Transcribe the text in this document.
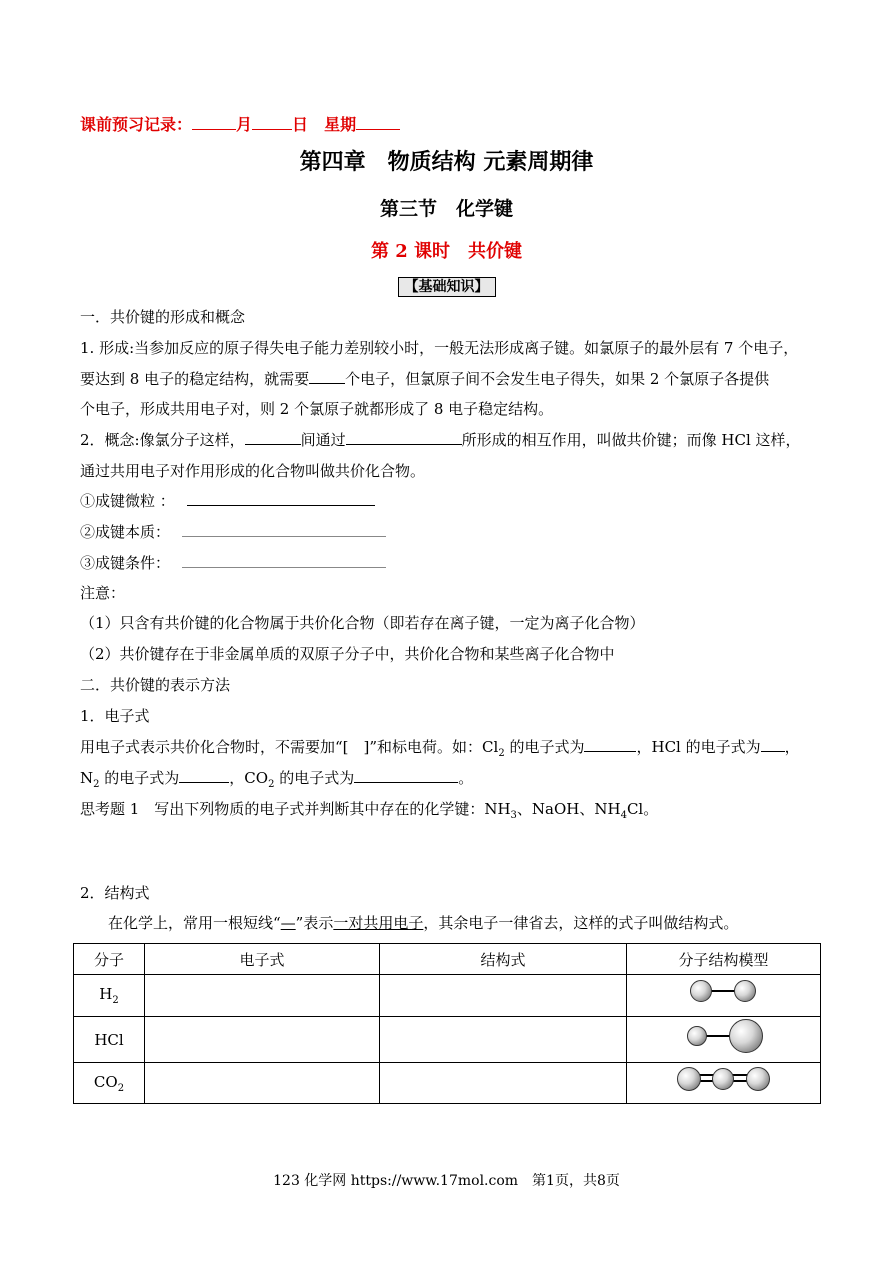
课前预习记录：	月	日　 星期
第四章　物质结构 元素周期律
第三节　化学键
第 2 课时　共价键
【基础知识】
一．共价键的形成和概念
1. 形成:当参加反应的原子得失电子能力差别较小时，一般无法形成离子键。如氯原子的最外层有 7 个电子，
要达到 8 电子的稳定结构，就需要 个电子，但氯原子间不会发生电子得失，如果 2 个氯原子各提供
个电子，形成共用电子对，则 2 个氯原子就都形成了 8 电子稳定结构。
2．概念:像氯分子这样，	间通过	所形成的相互作用，叫做共价键；而像 HCl 这样，
通过共用电子对作用形成的化合物叫做共价化合物。
①成键微粒 ：
②成键本质：
③成键条件：
注意：
（1）只含有共价键的化合物属于共价化合物（即若存在离子键，一定为离子化合物）
（2）共价键存在于非金属单质的双原子分子中，共价化合物和某些离子化合物中
二．共价键的表示方法
1．电子式
用电子式表示共价化合物时，不需要加“[　]”和标电荷。如：$Cl_2$ 的电子式为	，HCl 的电子式为 ，
$N_2$ 的电子式为	，$CO_2$ 的电子式为	。
思考题 1　写出下列物质的电子式并判断其中存在的化学键：$NH_3$、NaOH、$NH_4Cl$。
2．结构式
在化学上，常用一根短线“—”表示一对共用电子，其余电子一律省去，这样的式子叫做结构式。
分子	电子式	结构式	分子结构模型
$H_2$			
HCl			
$CO_2$			
123 化学网 https://www.17mol.com　第1页，共8页
